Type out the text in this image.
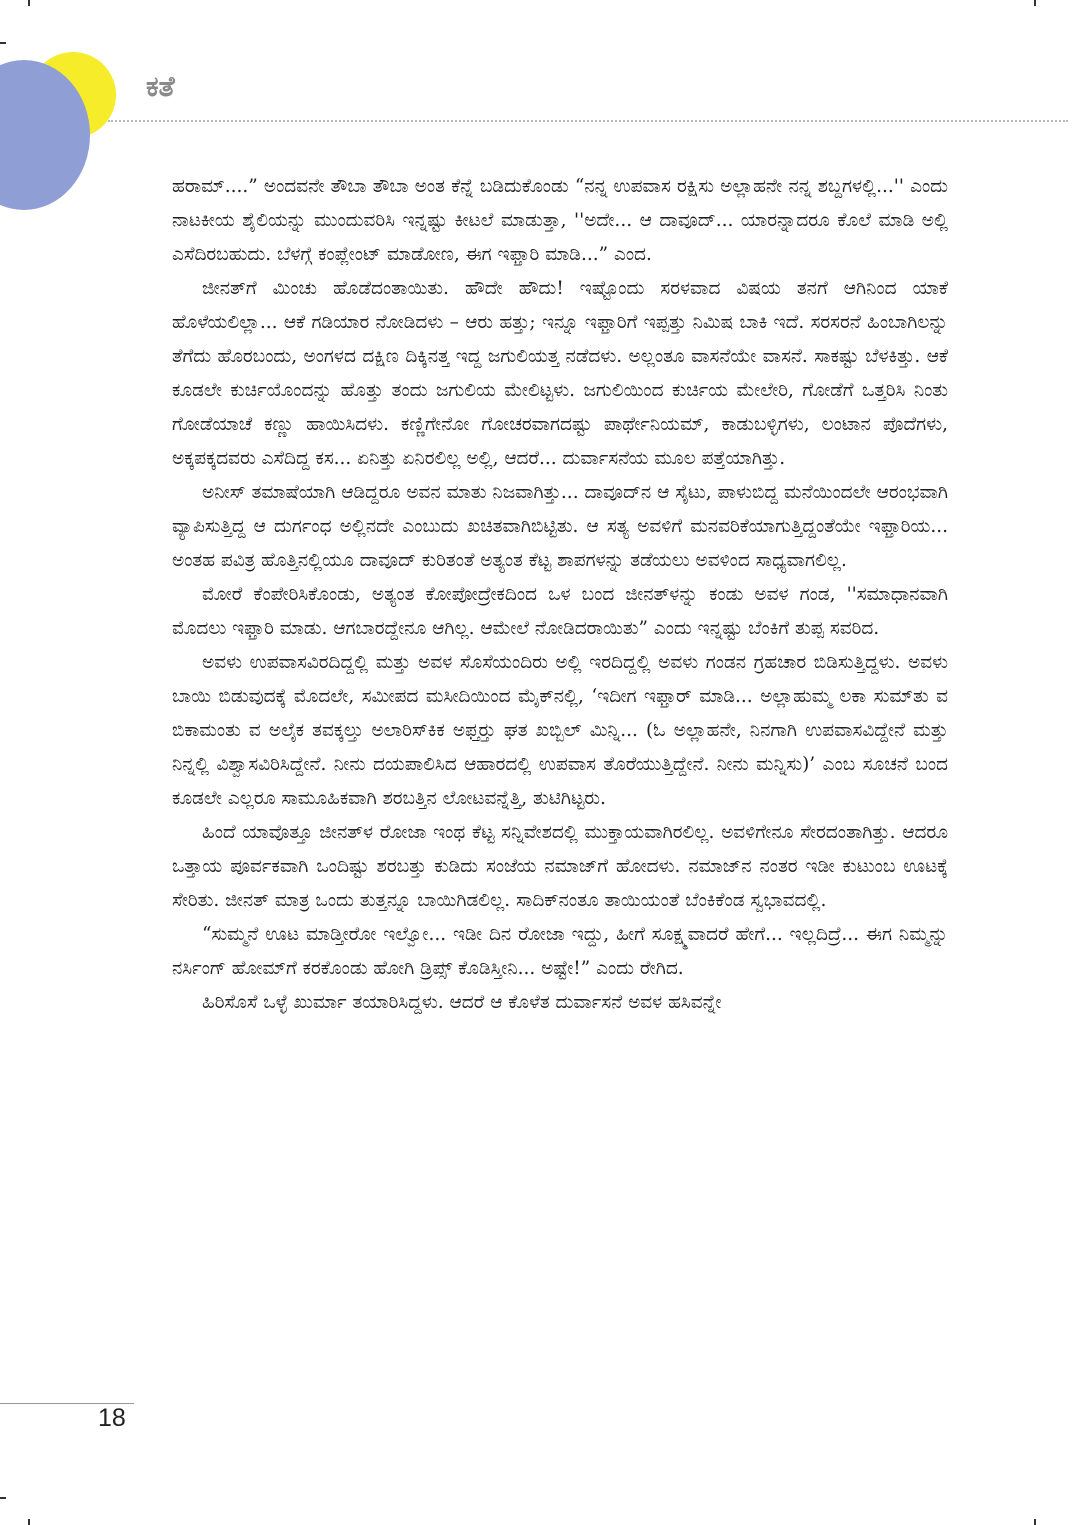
ಕತೆ

ಹರಾಮ್....” ಅಂದವನೇ ತೌಬಾ ತೌಬಾ ಅಂತ ಕೆನ್ನೆ ಬಡಿದುಕೊಂಡು “ನನ್ನ ಉಪವಾಸ ರಕ್ಷಿಸು ಅಲ್ಲಾಹನೇ ನನ್ನ ಶಬ್ದಗಳಲ್ಲಿ...'' ಎಂದು ನಾಟಕೀಯ ಶೈಲಿಯನ್ನು ಮುಂದುವರಿಸಿ ಇನ್ನಷ್ಟು ಕೀಟಲೆ ಮಾಡುತ್ತಾ, ''ಅದೇ... ಆ ದಾವೂದ್... ಯಾರನ್ನಾದರೂ ಕೊಲೆ ಮಾಡಿ ಅಲ್ಲಿ ಎಸೆದಿರಬಹುದು. ಬೆಳಗ್ಗೆ ಕಂಪ್ಲೇಂಟ್ ಮಾಡೋಣ, ಈಗ ಇಫ್ತಾರಿ ಮಾಡಿ...” ಎಂದ.

ಜೀನತ್‌ಗೆ ಮಿಂಚು ಹೊಡೆದಂತಾಯಿತು. ಹೌದೇ ಹೌದು! ಇಷ್ಟೊಂದು ಸರಳವಾದ ವಿಷಯ ತನಗೆ ಆಗಿನಿಂದ ಯಾಕೆ ಹೊಳೆಯಲಿಲ್ಲಾ... ಆಕೆ ಗಡಿಯಾರ ನೋಡಿದಳು – ಆರು ಹತ್ತು; ಇನ್ನೂ ಇಫ್ತಾರಿಗೆ ಇಪ್ಪತ್ತು ನಿಮಿಷ ಬಾಕಿ ಇದೆ. ಸರಸರನೆ ಹಿಂಬಾಗಿಲನ್ನು ತೆಗೆದು ಹೊರಬಂದು, ಅಂಗಳದ ದಕ್ಷಿಣ ದಿಕ್ಕಿನತ್ತ ಇದ್ದ ಜಗುಲಿಯತ್ತ ನಡೆದಳು. ಅಲ್ಲಂತೂ ವಾಸನೆಯೇ ವಾಸನೆ. ಸಾಕಷ್ಟು ಬೆಳಕಿತ್ತು. ಆಕೆ ಕೂಡಲೇ ಕುರ್ಚಿಯೊಂದನ್ನು ಹೊತ್ತು ತಂದು ಜಗುಲಿಯ ಮೇಲಿಟ್ಟಳು. ಜಗುಲಿಯಿಂದ ಕುರ್ಚಿಯ ಮೇಲೇರಿ, ಗೋಡೆಗೆ ಒತ್ತರಿಸಿ ನಿಂತು ಗೋಡೆಯಾಚೆ ಕಣ್ಣು ಹಾಯಿಸಿದಳು. ಕಣ್ಣಿಗೇನೋ ಗೋಚರವಾಗದಷ್ಟು ಪಾರ್ಥೇನಿಯಮ್, ಕಾಡುಬಳ್ಳಿಗಳು, ಲಂಟಾನ ಪೊದೆಗಳು, ಅಕ್ಕಪಕ್ಕದವರು ಎಸೆದಿದ್ದ ಕಸ... ಏನಿತ್ತು ಏನಿರಲಿಲ್ಲ ಅಲ್ಲಿ, ಆದರೆ... ದುರ್ವಾಸನೆಯ ಮೂಲ ಪತ್ತೆಯಾಗಿತ್ತು.

ಅನೀಸ್ ತಮಾಷೆಯಾಗಿ ಆಡಿದ್ದರೂ ಅವನ ಮಾತು ನಿಜವಾಗಿತ್ತು... ದಾವೂದ್‌ನ ಆ ಸೈಟು, ಪಾಳುಬಿದ್ದ ಮನೆಯಿಂದಲೇ ಆರಂಭವಾಗಿ ವ್ಯಾಪಿಸುತ್ತಿದ್ದ ಆ ದುರ್ಗಂಧ ಅಲ್ಲಿನದೇ ಎಂಬುದು ಖಚಿತವಾಗಿಬಿಟ್ಟಿತು. ಆ ಸತ್ಯ ಅವಳಿಗೆ ಮನವರಿಕೆಯಾಗುತ್ತಿದ್ದಂತೆಯೇ ಇಫ್ತಾರಿಯ... ಅಂತಹ ಪವಿತ್ರ ಹೊತ್ತಿನಲ್ಲಿಯೂ ದಾವೂದ್ ಕುರಿತಂತೆ ಅತ್ಯಂತ ಕೆಟ್ಟ ಶಾಪಗಳನ್ನು ತಡೆಯಲು ಅವಳಿಂದ ಸಾಧ್ಯವಾಗಲಿಲ್ಲ.

ಮೋರೆ ಕೆಂಪೇರಿಸಿಕೊಂಡು, ಅತ್ಯಂತ ಕೋಪೋದ್ರೇಕದಿಂದ ಒಳ ಬಂದ ಜೀನತ್‌ಳನ್ನು ಕಂಡು ಅವಳ ಗಂಡ, ''ಸಮಾಧಾನವಾಗಿ ಮೊದಲು ಇಫ್ತಾರಿ ಮಾಡು. ಆಗಬಾರದ್ದೇನೂ ಆಗಿಲ್ಲ. ಆಮೇಲೆ ನೋಡಿದರಾಯಿತು” ಎಂದು ಇನ್ನಷ್ಟು ಬೆಂಕಿಗೆ ತುಪ್ಪ ಸವರಿದ.

ಅವಳು ಉಪವಾಸವಿರದಿದ್ದಲ್ಲಿ ಮತ್ತು ಅವಳ ಸೊಸೆಯಂದಿರು ಅಲ್ಲಿ ಇರದಿದ್ದಲ್ಲಿ ಅವಳು ಗಂಡನ ಗ್ರಹಚಾರ ಬಿಡಿಸುತ್ತಿದ್ದಳು. ಅವಳು ಬಾಯಿ ಬಿಡುವುದಕ್ಕೆ ಮೊದಲೇ, ಸಮೀಪದ ಮಸೀದಿಯಿಂದ ಮೈಕ್‌ನಲ್ಲಿ, ‘ಇದೀಗ ಇಫ್ತಾರ್ ಮಾಡಿ... ಅಲ್ಲಾಹುಮ್ಮ ಲಕಾ ಸುಮ್‌ತು ವ ಬಿಕಾಮಂತು ವ ಅಲೈಕ ತವಕ್ಕಲ್ತು ಅಲಾರಿಸ್‌ಕಿಕ ಅಫ್ತರ‍್ತು ಘತ ಖಬ್ಬಿಲ್ ಮಿನ್ನಿ... (ಓ ಅಲ್ಲಾಹನೇ, ನಿನಗಾಗಿ ಉಪವಾಸವಿದ್ದೇನೆ ಮತ್ತು ನಿನ್ನಲ್ಲಿ ವಿಶ್ವಾಸವಿರಿಸಿದ್ದೇನೆ. ನೀನು ದಯಪಾಲಿಸಿದ ಆಹಾರದಲ್ಲಿ ಉಪವಾಸ ತೊರೆಯುತ್ತಿದ್ದೇನೆ. ನೀನು ಮನ್ನಿಸು)’ ಎಂಬ ಸೂಚನೆ ಬಂದ ಕೂಡಲೇ ಎಲ್ಲರೂ ಸಾಮೂಹಿಕವಾಗಿ ಶರಬತ್ತಿನ ಲೋಟವನ್ನೆತ್ತಿ, ತುಟಿಗಿಟ್ಟರು.

ಹಿಂದೆ ಯಾವೊತ್ತೂ ಜೀನತ್‌ಳ ರೋಜಾ ಇಂಥ ಕೆಟ್ಟ ಸನ್ನಿವೇಶದಲ್ಲಿ ಮುಕ್ತಾಯವಾಗಿರಲಿಲ್ಲ. ಅವಳಿಗೇನೂ ಸೇರದಂತಾಗಿತ್ತು. ಆದರೂ ಒತ್ತಾಯ ಪೂರ್ವಕವಾಗಿ ಒಂದಿಷ್ಟು ಶರಬತ್ತು ಕುಡಿದು ಸಂಜೆಯ ನಮಾಜ್‌ಗೆ ಹೋದಳು. ನಮಾಜ್‌ನ ನಂತರ ಇಡೀ ಕುಟುಂಬ ಊಟಕ್ಕೆ ಸೇರಿತು. ಜೀನತ್ ಮಾತ್ರ ಒಂದು ತುತ್ತನ್ನೂ ಬಾಯಿಗಿಡಲಿಲ್ಲ. ಸಾದಿಕ್‌ನಂತೂ ತಾಯಿಯಂತೆ ಬೆಂಕಿಕೆಂಡ ಸ್ವಭಾವದಲ್ಲಿ.

“ಸುಮ್ಮನೆ ಊಟ ಮಾಡ್ತೀರೋ ಇಲ್ವೋ... ಇಡೀ ದಿನ ರೋಜಾ ಇದ್ದು, ಹೀಗೆ ಸೂಕ್ಷ್ಮವಾದರೆ ಹೇಗೆ... ಇಲ್ಲದಿದ್ರೆ... ಈಗ ನಿಮ್ಮನ್ನು ನರ್ಸಿಂಗ್ ಹೋಮ್‌ಗೆ ಕರಕೊಂಡು ಹೋಗಿ ಡ್ರಿಪ್ಸ್ ಕೊಡಿಸ್ತೀನಿ... ಅಷ್ಟೇ!” ಎಂದು ರೇಗಿದ.

ಹಿರಿಸೊಸೆ ಒಳ್ಳೆ ಖುರ್ಮಾ ತಯಾರಿಸಿದ್ದಳು. ಆದರೆ ಆ ಕೊಳೆತ ದುರ್ವಾಸನೆ ಅವಳ ಹಸಿವನ್ನೇ

18
